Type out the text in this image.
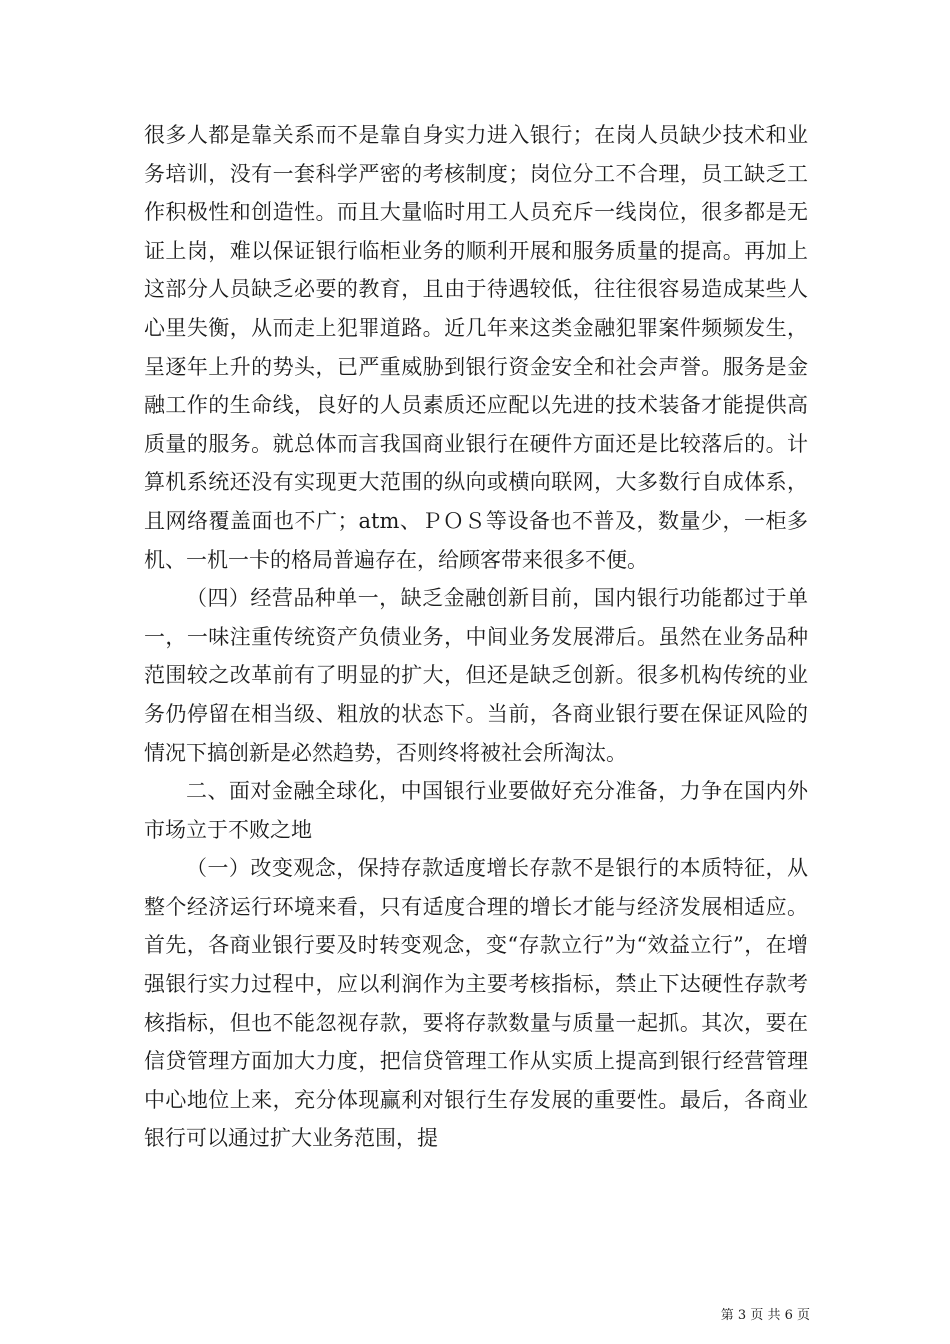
很多人都是靠关系而不是靠自身实力进入银行；在岗人员缺少技术和业务培训，没有一套科学严密的考核制度；岗位分工不合理，员工缺乏工作积极性和创造性。而且大量临时用工人员充斥一线岗位，很多都是无证上岗，难以保证银行临柜业务的顺利开展和服务质量的提高。再加上这部分人员缺乏必要的教育，且由于待遇较低，往往很容易造成某些人心里失衡，从而走上犯罪道路。近几年来这类金融犯罪案件频频发生，呈逐年上升的势头，已严重威胁到银行资金安全和社会声誉。服务是金融工作的生命线，良好的人员素质还应配以先进的技术装备才能提供高质量的服务。就总体而言我国商业银行在硬件方面还是比较落后的。计算机系统还没有实现更大范围的纵向或横向联网，大多数行自成体系，且网络覆盖面也不广；atm、ＰＯＳ等设备也不普及，数量少，一柜多机、一机一卡的格局普遍存在，给顾客带来很多不便。

（四）经营品种单一，缺乏金融创新目前，国内银行功能都过于单一，一味注重传统资产负债业务，中间业务发展滞后。虽然在业务品种范围较之改革前有了明显的扩大，但还是缺乏创新。很多机构传统的业务仍停留在相当级、粗放的状态下。当前，各商业银行要在保证风险的情况下搞创新是必然趋势，否则终将被社会所淘汰。

二、面对金融全球化，中国银行业要做好充分准备，力争在国内外市场立于不败之地

（一）改变观念，保持存款适度增长存款不是银行的本质特征，从整个经济运行环境来看，只有适度合理的增长才能与经济发展相适应。首先，各商业银行要及时转变观念，变“存款立行”为“效益立行”，在增强银行实力过程中，应以利润作为主要考核指标，禁止下达硬性存款考核指标，但也不能忽视存款，要将存款数量与质量一起抓。其次，要在信贷管理方面加大力度，把信贷管理工作从实质上提高到银行经营管理中心地位上来，充分体现赢利对银行生存发展的重要性。最后，各商业银行可以通过扩大业务范围，提

第 3 页 共 6 页
